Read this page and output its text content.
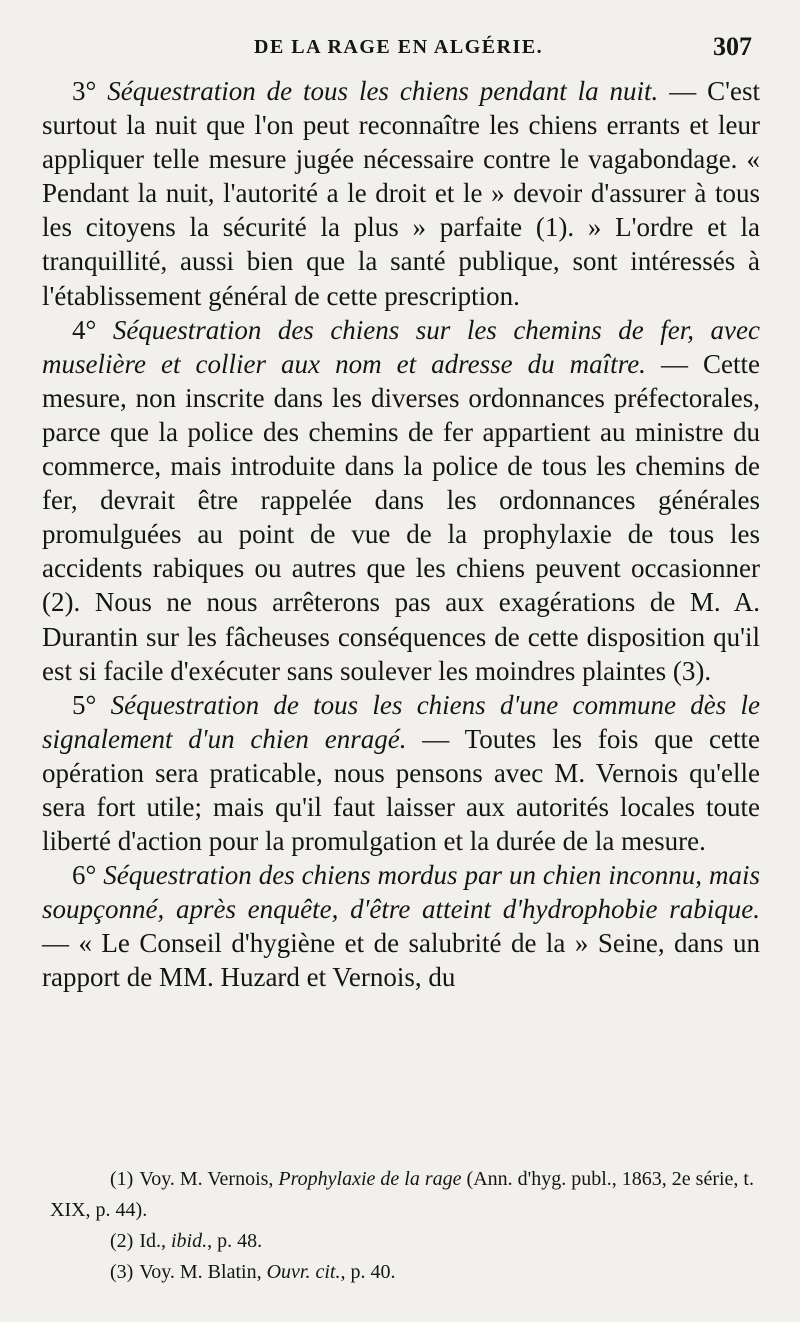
DE LA RAGE EN ALGÉRIE.	307

3° Séquestration de tous les chiens pendant la nuit. — C'est surtout la nuit que l'on peut reconnaître les chiens errants et leur appliquer telle mesure jugée nécessaire contre le vagabondage. « Pendant la nuit, l'autorité a le droit et le » devoir d'assurer à tous les citoyens la sécurité la plus » parfaite (1). » L'ordre et la tranquillité, aussi bien que la santé publique, sont intéressés à l'établissement général de cette prescription.

4° Séquestration des chiens sur les chemins de fer, avec muselière et collier aux nom et adresse du maître. — Cette mesure, non inscrite dans les diverses ordonnances préfectorales, parce que la police des chemins de fer appartient au ministre du commerce, mais introduite dans la police de tous les chemins de fer, devrait être rappelée dans les ordonnances générales promulguées au point de vue de la prophylaxie de tous les accidents rabiques ou autres que les chiens peuvent occasionner (2). Nous ne nous arrêterons pas aux exagérations de M. A. Durantin sur les fâcheuses conséquences de cette disposition qu'il est si facile d'exécuter sans soulever les moindres plaintes (3).

5° Séquestration de tous les chiens d'une commune dès le signalement d'un chien enragé. — Toutes les fois que cette opération sera praticable, nous pensons avec M. Vernois qu'elle sera fort utile; mais qu'il faut laisser aux autorités locales toute liberté d'action pour la promulgation et la durée de la mesure.

6° Séquestration des chiens mordus par un chien inconnu, mais soupçonné, après enquête, d'être atteint d'hydrophobie rabique. — « Le Conseil d'hygiène et de salubrité de la » Seine, dans un rapport de MM. Huzard et Vernois, du

(1) Voy. M. Vernois, Prophylaxie de la rage (Ann. d'hyg. publ., 1863, 2e série, t. XIX, p. 44).

(2) Id., ibid., p. 48.

(3) Voy. M. Blatin, Ouvr. cit., p. 40.
